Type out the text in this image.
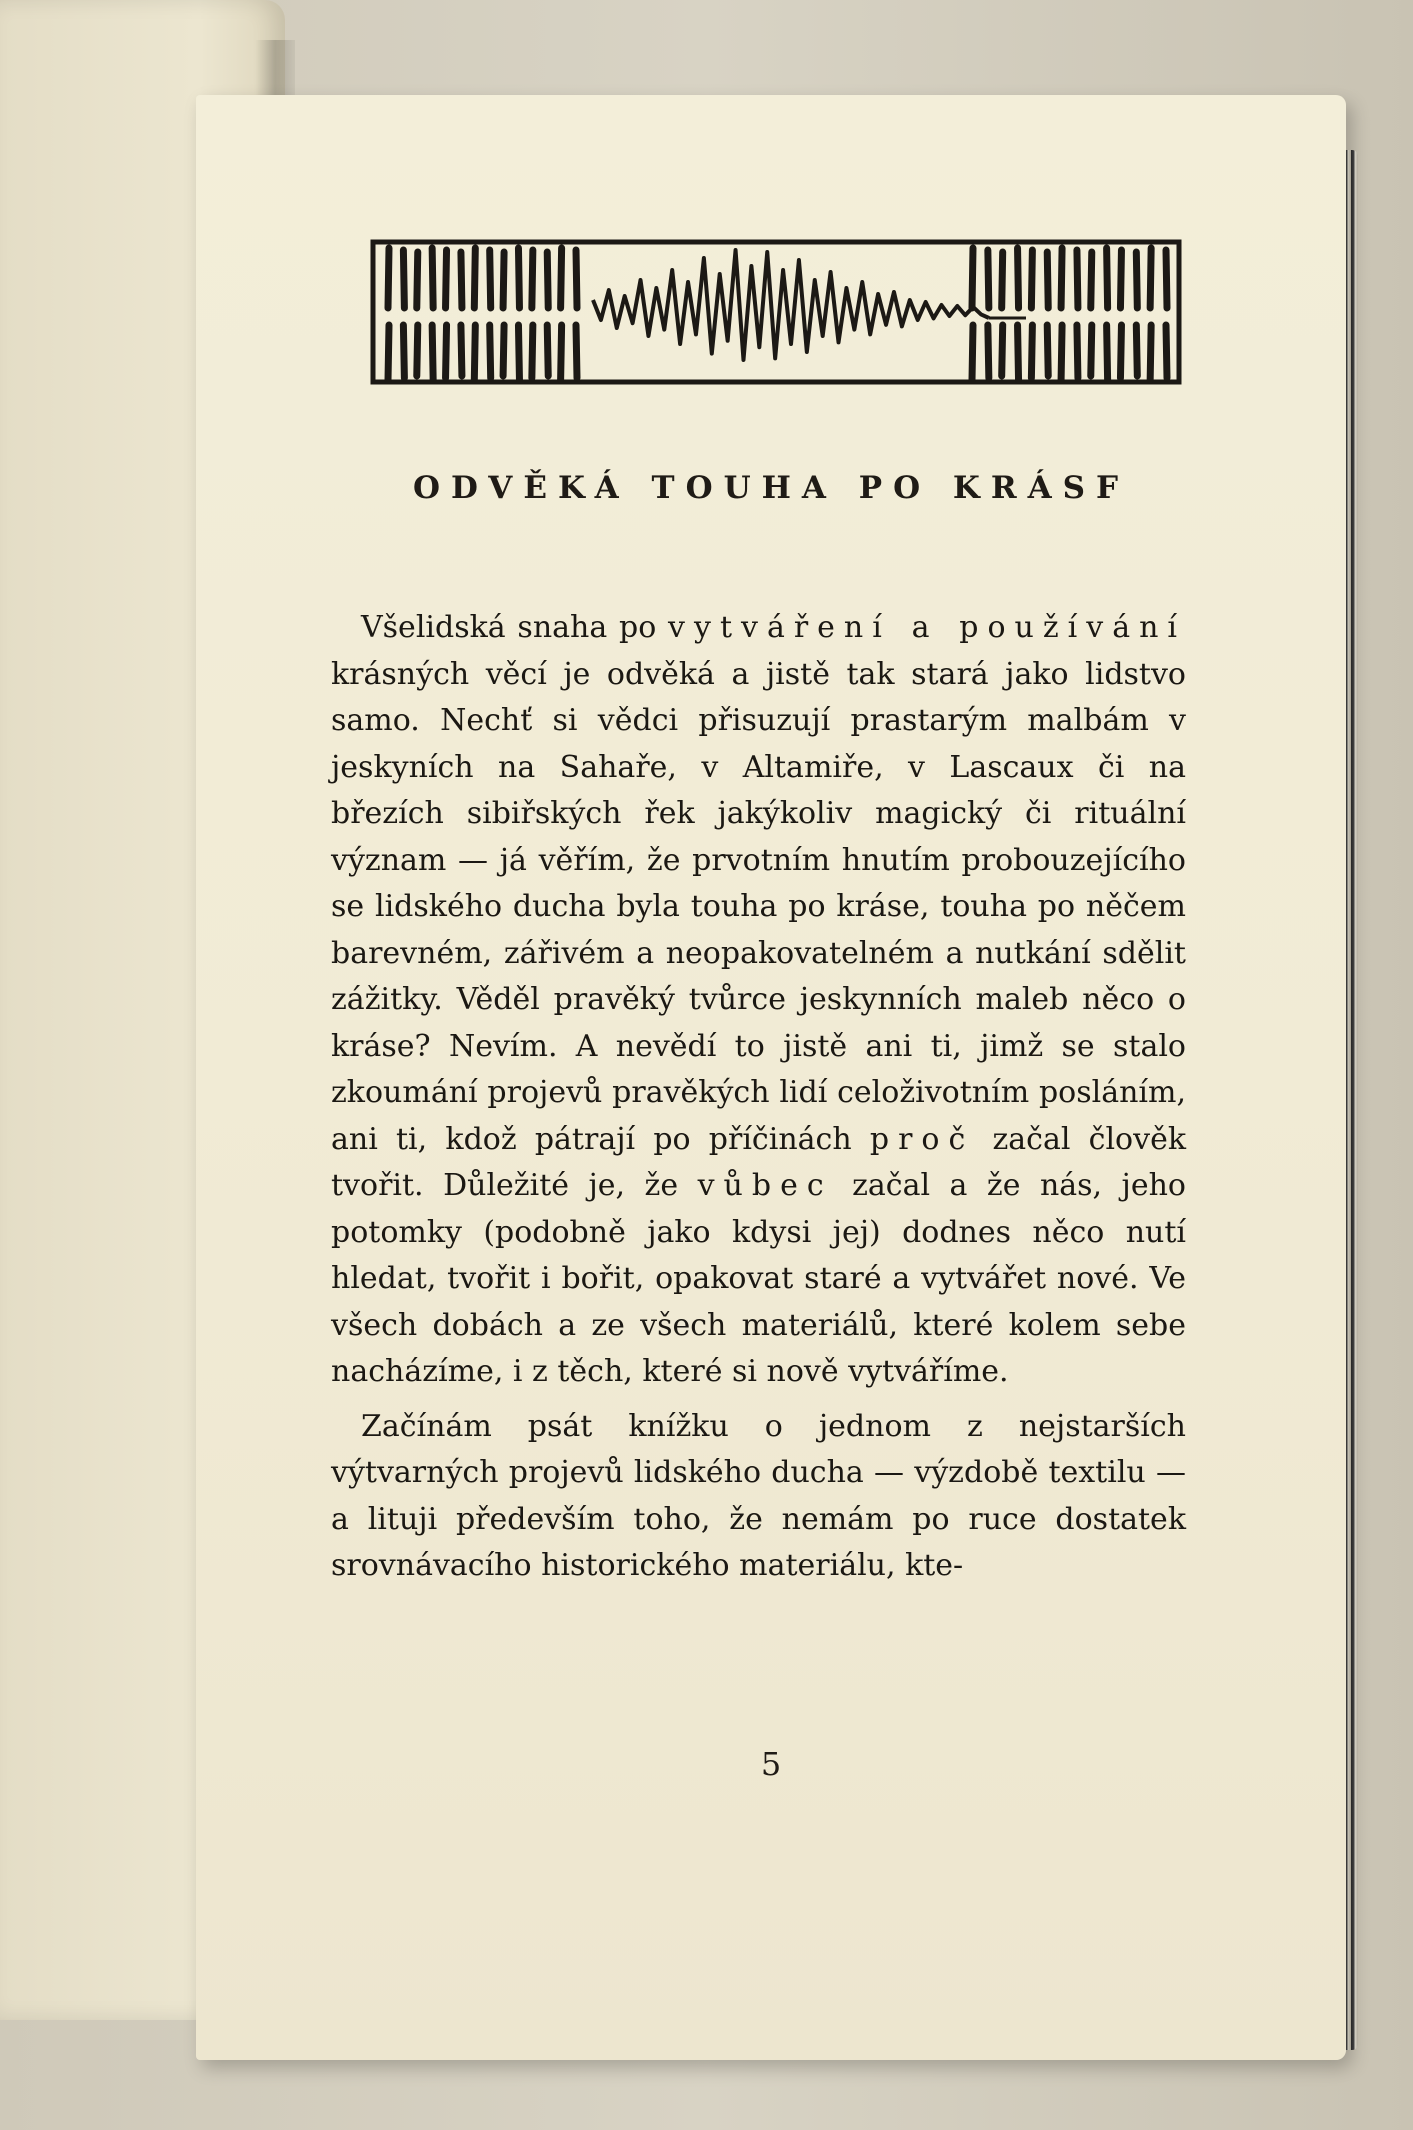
ODVĚKÁ TOUHA PO KRÁSF

Všelidská snaha po vytváření a používání krásných věcí je odvěká a jistě tak stará jako lidstvo samo. Nechť si vědci přisuzují prastarým malbám v jeskyních na Sahaře, v Altamiře, v Lascaux či na březích sibiřských řek jakýkoliv magický či rituální význam — já věřím, že prvotním hnutím probouzejícího se lidského ducha byla touha po kráse, touha po něčem barevném, zářivém a neopakovatelném a nutkání sdělit zážitky. Věděl pravěký tvůrce jeskynních maleb něco o kráse? Nevím. A nevědí to jistě ani ti, jimž se stalo zkoumání projevů pravěkých lidí celoživotním posláním, ani ti, kdož pátrají po příčinách proč začal člověk tvořit. Důležité je, že vůbec začal a že nás, jeho potomky (podobně jako kdysi jej) dodnes něco nutí hledat, tvořit i bořit, opakovat staré a vytvářet nové. Ve všech dobách a ze všech materiálů, které kolem sebe nacházíme, i z těch, které si nově vytváříme.

Začínám psát knížku o jednom z nejstarších výtvarných projevů lidského ducha — výzdobě textilu — a lituji především toho, že nemám po ruce dostatek srovnávacího historického materiálu, kte-

5
